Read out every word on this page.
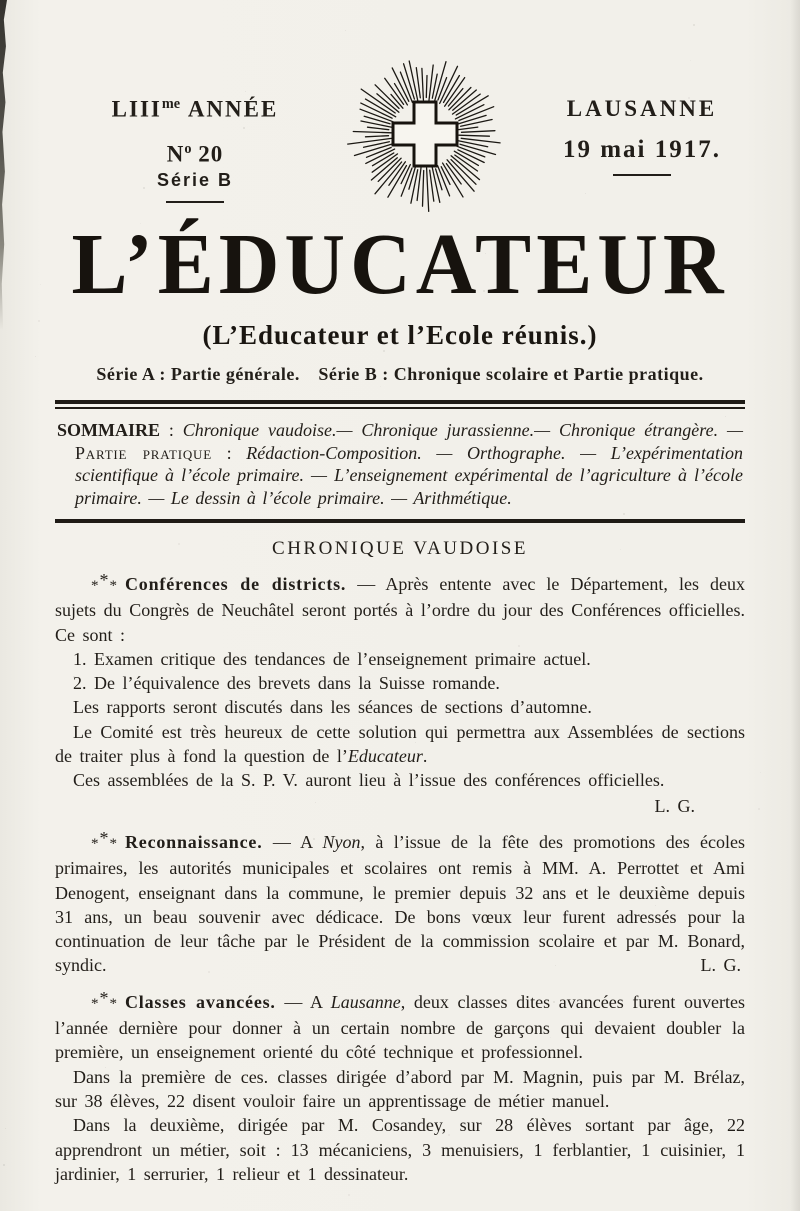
$LIII^{me}$ ANNÉE
$N^o$ 20
Série B
LAUSANNE
19 mai 1917.
L’ÉDUCATEUR
(L’Educateur et l’Ecole réunis.)
Série A : Partie générale. Série B : Chronique scolaire et Partie pratique.

SOMMAIRE : Chronique vaudoise.— Chronique jurassienne.— Chronique étrangère. — Partie pratique : Rédaction-Composition. — Orthographe. — L’expérimentation scientifique à l’école primaire. — L’enseignement expérimental de l’agriculture à l’école primaire. — Le dessin à l’école primaire. — Arithmétique.

CHRONIQUE VAUDOISE

*** Conférences de districts. — Après entente avec le Département, les deux sujets du Congrès de Neuchâtel seront portés à l’ordre du jour des Conférences officielles. Ce sont :

1. Examen critique des tendances de l’enseignement primaire actuel.

2. De l’équivalence des brevets dans la Suisse romande.

Les rapports seront discutés dans les séances de sections d’automne.

Le Comité est très heureux de cette solution qui permettra aux Assemblées de sections de traiter plus à fond la question de l’Educateur.

Ces assemblées de la S. P. V. auront lieu à l’issue des conférences officielles.

L. G.

*** Reconnaissance. — A Nyon, à l’issue de la fête des promotions des écoles primaires, les autorités municipales et scolaires ont remis à MM. A. Perrottet et Ami Denogent, enseignant dans la commune, le premier depuis 32 ans et le deuxième depuis 31 ans, un beau souvenir avec dédicace. De bons vœux leur furent adressés pour la continuation de leur tâche par le Président de la commission scolaire et par M. Bonard, syndic.	L. G.

*** Classes avancées. — A Lausanne, deux classes dites avancées furent ouvertes l’année dernière pour donner à un certain nombre de garçons qui devaient doubler la première, un enseignement orienté du côté technique et professionnel.

Dans la première de ces. classes dirigée d’abord par M. Magnin, puis par M. Brélaz, sur 38 élèves, 22 disent vouloir faire un apprentissage de métier manuel.

Dans la deuxième, dirigée par M. Cosandey, sur 28 élèves sortant par âge, 22 apprendront un métier, soit : 13 mécaniciens, 3 menuisiers, 1 ferblantier, 1 cuisinier, 1 jardinier, 1 serrurier, 1 relieur et 1 dessinateur.
